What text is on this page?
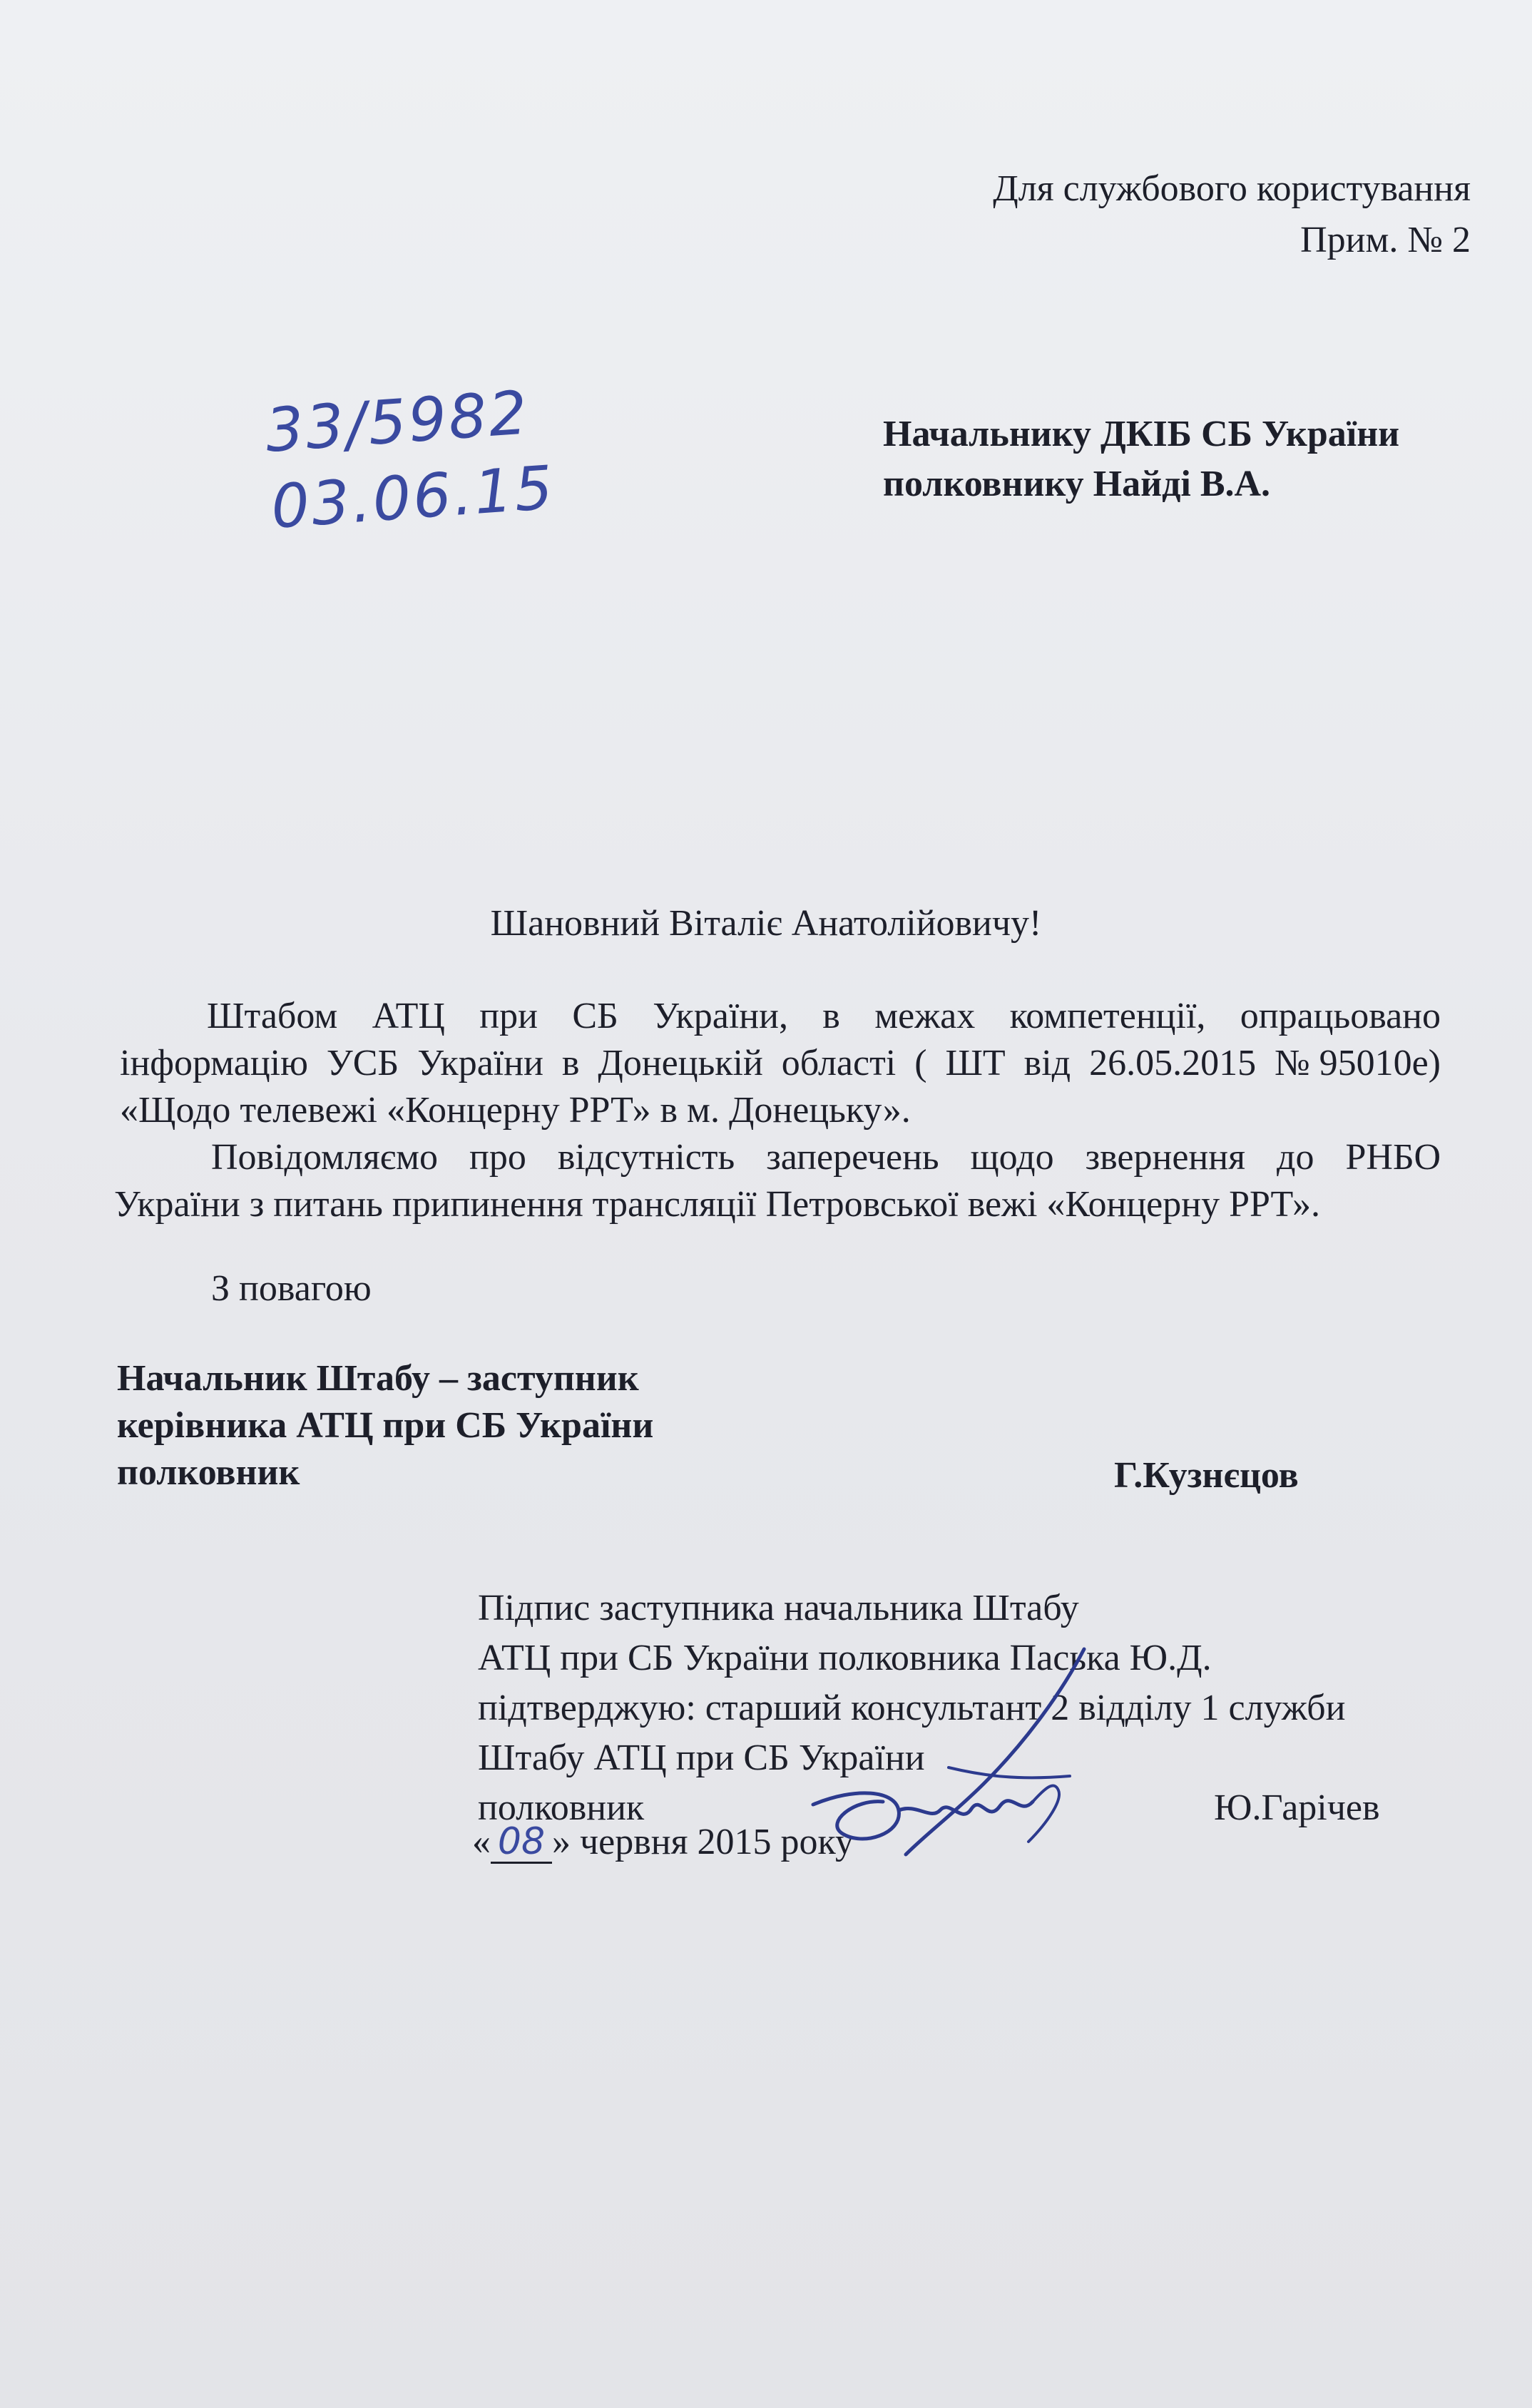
Для службового користування
Прим. № 2
33/5982
03.06.15
Начальнику ДКІБ СБ України
полковнику Найді В.А.
Шановний Віталіє Анатолійовичу!
Штабом АТЦ при СБ України, в межах компетенції, опрацьовано
інформацію УСБ України в Донецькій області ( ШТ від 26.05.2015 №95010е)
«Щодо телевежі «Концерну РРТ» в м. Донецьку».
Повідомляємо про відсутність заперечень щодо звернення до РНБО
України з питань припинення трансляції Петровської вежі «Концерну РРТ».
З повагою
Начальник Штабу – заступник
керівника АТЦ при СБ України
полковник	Г.Кузнєцов
Підпис заступника начальника Штабу
АТЦ при СБ України полковника Паська Ю.Д.
підтверджую: старший консультант 2 відділу 1 служби
Штабу АТЦ при СБ України
полковник	Ю.Гарічев
« 08 » червня 2015 року
